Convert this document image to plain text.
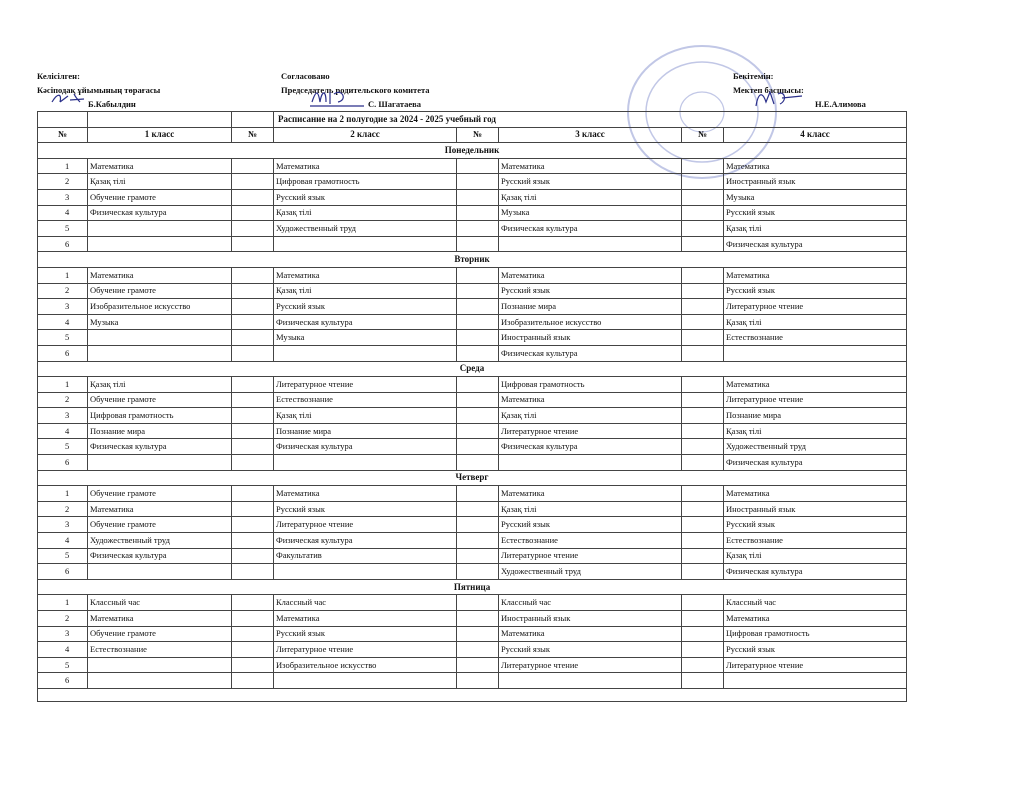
Келісілген:
Кәсіподақ ұйымының төрағасы
Б.Кабылдин
Согласовано
Председатель родительского комитета
С. Шагатаева
Бекітемін:
Мектеп басшысы:
Н.Е.Алимова
			Расписание на 2 полугодие за 2024 - 2025 учебный год				
№	1 класс	№	2 класс	№	3 класс	№	4 класс
Понедельник							
1	Математика		Математика		Математика		Математика
2	Қазақ тілі		Цифровая грамотность		Русский язык		Иностранный язык
3	Обучение грамоте		Русский язык		Қазақ тілі		Музыка
4	Физическая культура		Қазақ тілі		Музыка		Русский язык
5			Художественный труд		Физическая культура		Қазақ тілі
6							Физическая культура
Вторник							
1	Математика		Математика		Математика		Математика
2	Обучение грамоте		Қазақ тілі		Русский язык		Русский язык
3	Изобразительное искусство		Русский язык		Познание мира		Литературное чтение
4	Музыка		Физическая культура		Изобразительное искусство		Қазақ тілі
5			Музыка		Иностранный язык		Естествознание
6					Физическая культура		
Среда							
1	Қазақ тілі		Литературное чтение		Цифровая грамотность		Математика
2	Обучение грамоте		Естествознание		Математика		Литературное чтение
3	Цифровая грамотность		Қазақ тілі		Қазақ тілі		Познание мира
4	Познание мира		Познание мира		Литературное чтение		Қазақ тілі
5	Физическая культура		Физическая культура		Физическая культура		Художественный труд
6							Физическая культура
Четверг							
1	Обучение грамоте		Математика		Математика		Математика
2	Математика		Русский язык		Қазақ тілі		Иностранный язык
3	Обучение грамоте		Литературное чтение		Русский язык		Русский язык
4	Художественный труд		Физическая культура		Естествознание		Естествознание
5	Физическая культура		Факультатив		Литературное чтение		Қазақ тілі
6					Художественный труд		Физическая культура
Пятница							
1	Классный час		Классный час		Классный час		Классный час
2	Математика		Математика		Иностранный язык		Математика
3	Обучение грамоте		Русский язык		Математика		Цифровая грамотность
4	Естествознание		Литературное чтение		Русский язык		Русский язык
5			Изобразительное искусство		Литературное чтение		Литературное чтение
6							
